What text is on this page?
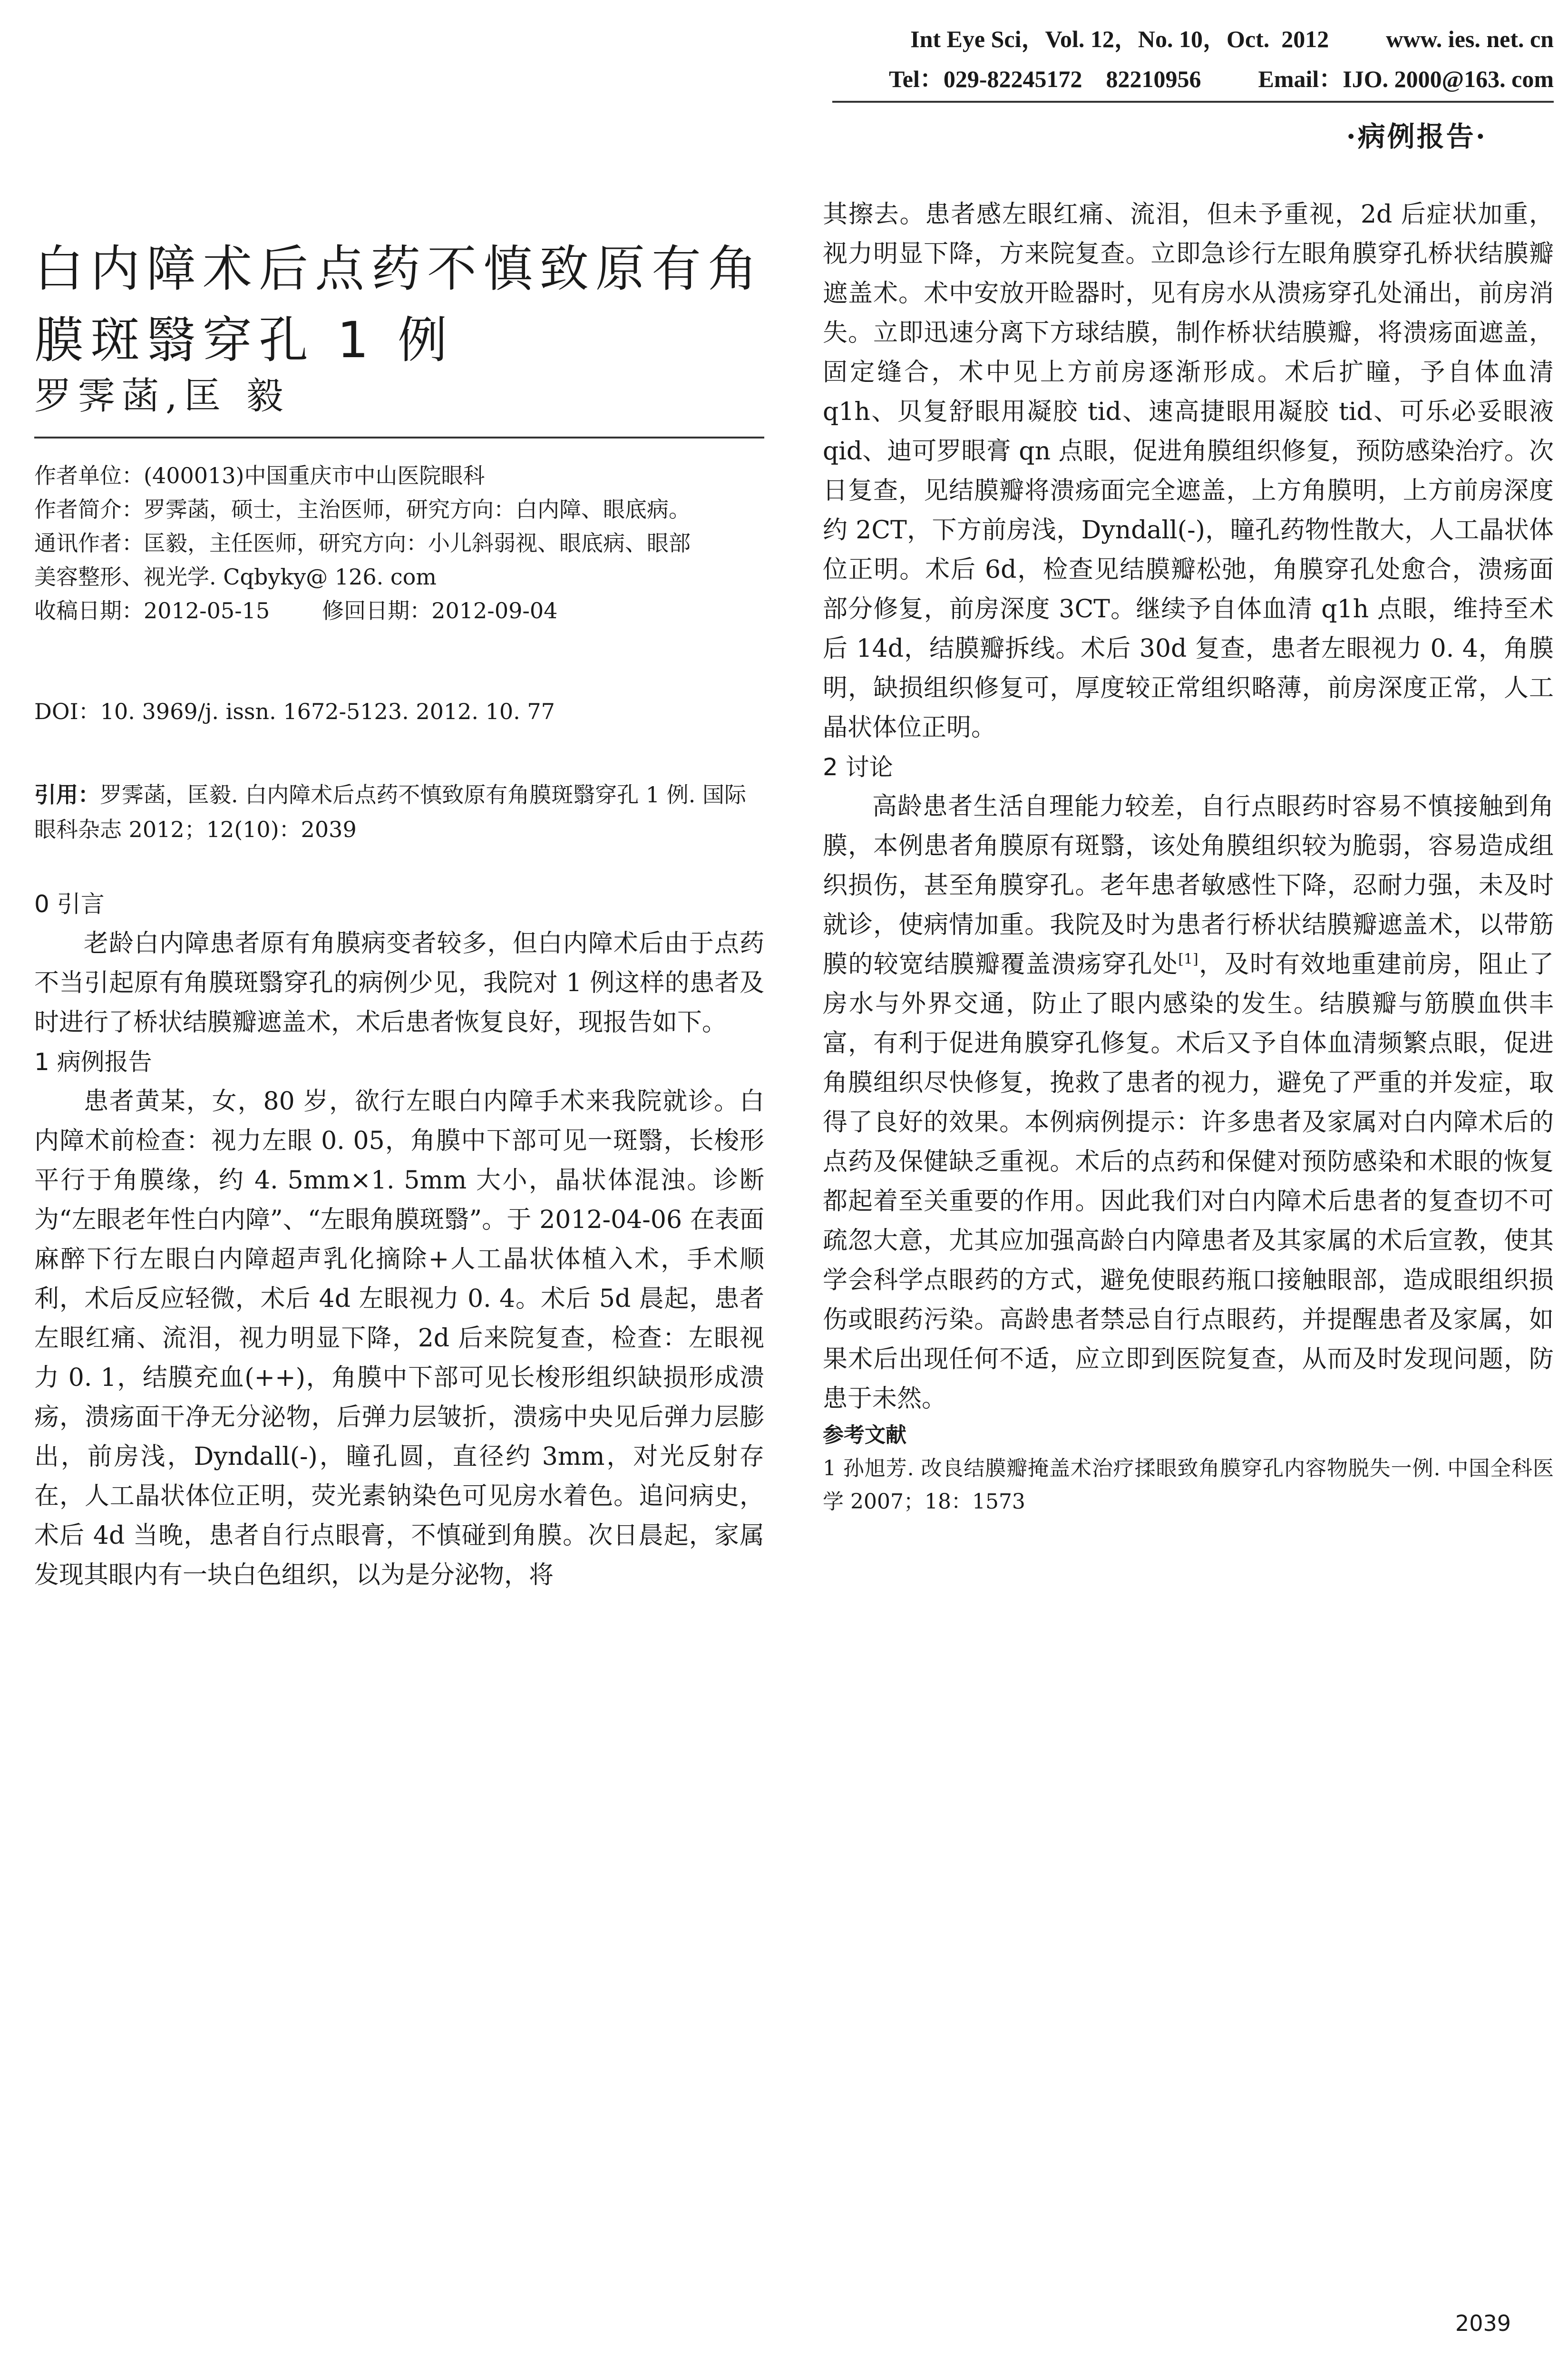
Int Eye Sci，Vol. 12，No. 10，Oct.  2012 www. ies. net. cn
Tel：029-82245172    82210956 Email：IJO. 2000@163. com
·病例报告·
白内障术后点药不慎致原有角
膜斑翳穿孔 1 例
罗霁菡,匡 毅

作者单位：(400013)中国重庆市中山医院眼科

作者简介：罗霁菡，硕士，主治医师，研究方向：白内障、眼底病。

通讯作者：匡毅，主任医师，研究方向：小儿斜弱视、眼底病、眼部

美容整形、视光学. Cqbyky@ 126. com

收稿日期：2012-05-15 修回日期：2012-09-04

DOI：10. 3969/j. issn. 1672-5123. 2012. 10. 77
引用：罗霁菡，匡毅. 白内障术后点药不慎致原有角膜斑翳穿孔 1 例. 国际眼科杂志 2012；12(10)：2039
0 引言

老龄白内障患者原有角膜病变者较多，但白内障术后由于点药不当引起原有角膜斑翳穿孔的病例少见，我院对 1 例这样的患者及时进行了桥状结膜瓣遮盖术，术后患者恢复良好，现报告如下。

1 病例报告

患者黄某，女，80 岁，欲行左眼白内障手术来我院就诊。白内障术前检查：视力左眼 0. 05，角膜中下部可见一斑翳，长梭形平行于角膜缘，约 4. 5mm×1. 5mm 大小，晶状体混浊。诊断为“左眼老年性白内障”、“左眼角膜斑翳”。于 2012-04-06 在表面麻醉下行左眼白内障超声乳化摘除+人工晶状体植入术，手术顺利，术后反应轻微，术后 4d 左眼视力 0. 4。术后 5d 晨起，患者左眼红痛、流泪，视力明显下降，2d 后来院复查，检查：左眼视力 0. 1，结膜充血(++)，角膜中下部可见长梭形组织缺损形成溃疡，溃疡面干净无分泌物，后弹力层皱折，溃疡中央见后弹力层膨出，前房浅，Dyndall(-)，瞳孔圆，直径约 3mm，对光反射存在，人工晶状体位正明，荧光素钠染色可见房水着色。追问病史，术后 4d 当晚，患者自行点眼膏，不慎碰到角膜。次日晨起，家属发现其眼内有一块白色组织，以为是分泌物，将

其擦去。患者感左眼红痛、流泪，但未予重视，2d 后症状加重，视力明显下降，方来院复查。立即急诊行左眼角膜穿孔桥状结膜瓣遮盖术。术中安放开睑器时，见有房水从溃疡穿孔处涌出，前房消失。立即迅速分离下方球结膜，制作桥状结膜瓣，将溃疡面遮盖，固定缝合，术中见上方前房逐渐形成。术后扩瞳，予自体血清 q1h、贝复舒眼用凝胶 tid、速高捷眼用凝胶 tid、可乐必妥眼液 qid、迪可罗眼膏 qn 点眼，促进角膜组织修复，预防感染治疗。次日复查，见结膜瓣将溃疡面完全遮盖，上方角膜明，上方前房深度约 2CT，下方前房浅，Dyndall(-)，瞳孔药物性散大，人工晶状体位正明。术后 6d，检查见结膜瓣松弛，角膜穿孔处愈合，溃疡面部分修复，前房深度 3CT。继续予自体血清 q1h 点眼，维持至术后 14d，结膜瓣拆线。术后 30d 复查，患者左眼视力 0. 4，角膜明，缺损组织修复可，厚度较正常组织略薄，前房深度正常，人工晶状体位正明。

2 讨论

高龄患者生活自理能力较差，自行点眼药时容易不慎接触到角膜，本例患者角膜原有斑翳，该处角膜组织较为脆弱，容易造成组织损伤，甚至角膜穿孔。老年患者敏感性下降，忍耐力强，未及时就诊，使病情加重。我院及时为患者行桥状结膜瓣遮盖术，以带筋膜的较宽结膜瓣覆盖溃疡穿孔处[1]，及时有效地重建前房，阻止了房水与外界交通，防止了眼内感染的发生。结膜瓣与筋膜血供丰富，有利于促进角膜穿孔修复。术后又予自体血清频繁点眼，促进角膜组织尽快修复，挽救了患者的视力，避免了严重的并发症，取得了良好的效果。本例病例提示：许多患者及家属对白内障术后的点药及保健缺乏重视。术后的点药和保健对预防感染和术眼的恢复都起着至关重要的作用。因此我们对白内障术后患者的复查切不可疏忽大意，尤其应加强高龄白内障患者及其家属的术后宣教，使其学会科学点眼药的方式，避免使眼药瓶口接触眼部，造成眼组织损伤或眼药污染。高龄患者禁忌自行点眼药，并提醒患者及家属，如果术后出现任何不适，应立即到医院复查，从而及时发现问题，防患于未然。

参考文献
1 孙旭芳. 改良结膜瓣掩盖术治疗揉眼致角膜穿孔内容物脱失一例. 中国全科医学 2007；18：1573
2039
